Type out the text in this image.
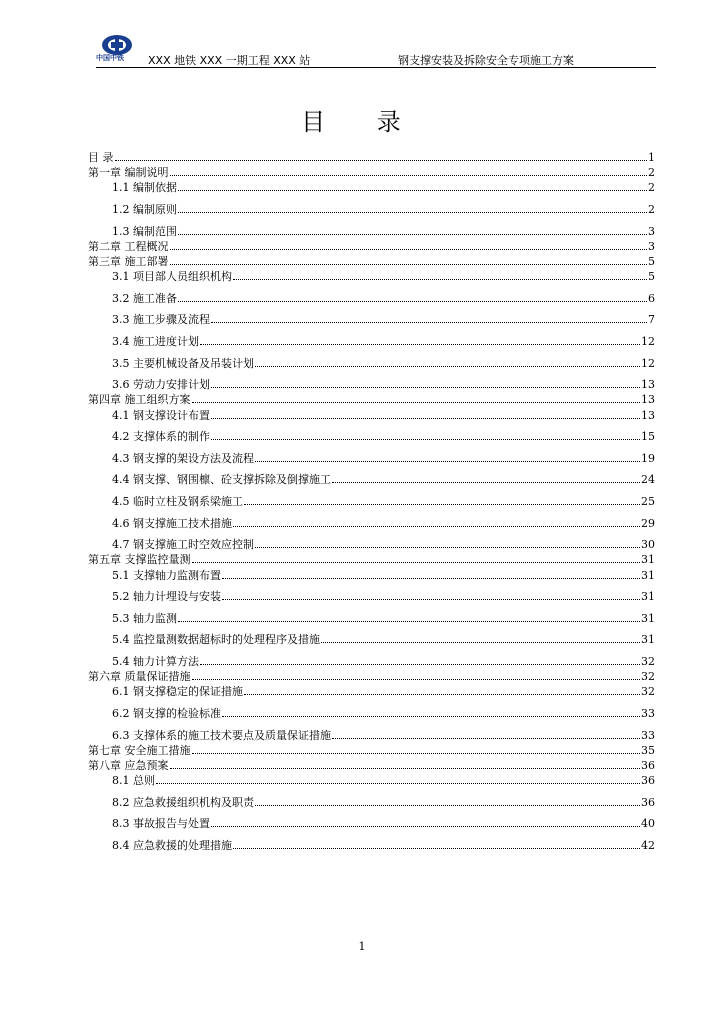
中国中铁 XXX 地铁 XXX 一期工程 XXX 站	钢支撑安装及拆除安全专项施工方案
目 录
目 录	1
第一章 编制说明	2
1.1 编制依据	2
1.2 编制原则	2
1.3 编制范围	3
第二章 工程概况	3
第三章 施工部署	5
3.1 项目部人员组织机构	5
3.2 施工准备	6
3.3 施工步骤及流程	7
3.4 施工进度计划	12
3.5 主要机械设备及吊装计划	12
3.6 劳动力安排计划	13
第四章 施工组织方案	13
4.1 钢支撑设计布置	13
4.2 支撑体系的制作	15
4.3 钢支撑的架设方法及流程	19
4.4 钢支撑、钢围檩、砼支撑拆除及倒撑施工	24
4.5 临时立柱及钢系梁施工	25
4.6 钢支撑施工技术措施	29
4.7 钢支撑施工时空效应控制	30
第五章 支撑监控量测	31
5.1 支撑轴力监测布置	31
5.2 轴力计埋设与安装	31
5.3 轴力监测	31
5.4 监控量测数据超标时的处理程序及措施	31
5.4 轴力计算方法	32
第六章 质量保证措施	32
6.1 钢支撑稳定的保证措施	32
6.2 钢支撑的检验标准	33
6.3 支撑体系的施工技术要点及质量保证措施	33
第七章 安全施工措施	35
第八章 应急预案	36
8.1 总则	36
8.2 应急救援组织机构及职责	36
8.3 事故报告与处置	40
8.4 应急救援的处理措施	42
1
